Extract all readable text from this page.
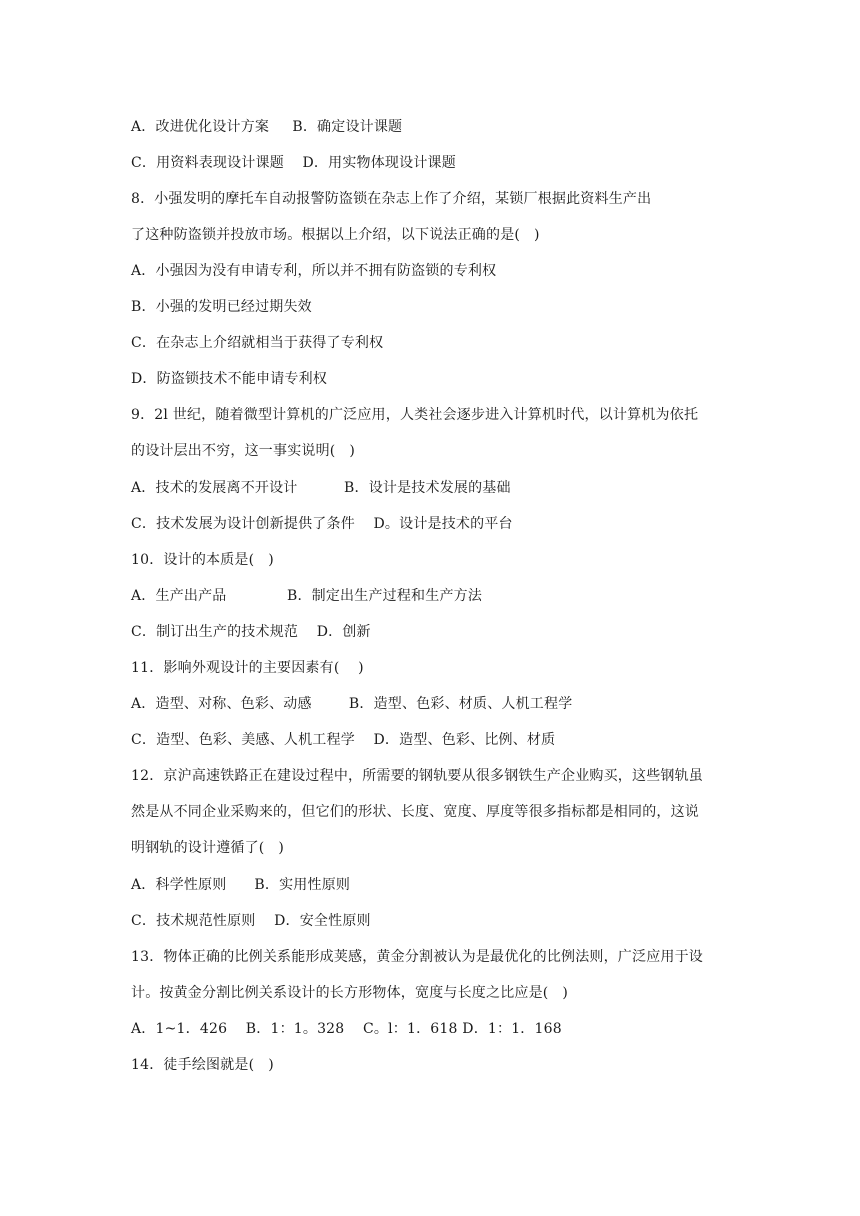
A．改进优化设计方案     B．确定设计课题
C．用资料表现设计课题    D．用实物体现设计课题
8．小强发明的摩托车自动报警防盗锁在杂志上作了介绍，某锁厂根据此资料生产出
了这种防盗锁并投放市场。根据以上介绍，以下说法正确的是(   )
A．小强因为没有申请专利，所以并不拥有防盗锁的专利权
B．小强的发明已经过期失效
C．在杂志上介绍就相当于获得了专利权
D．防盗锁技术不能申请专利权
9．2l 世纪，随着微型计算机的广泛应用，人类社会逐步进入计算机时代，以计算机为依托
的设计层出不穷，这一事实说明(   )
A．技术的发展离不开设计          B．设计是技术发展的基础
C．技术发展为设计创新提供了条件    D。设计是技术的平台
10．设计的本质是(   )
A．生产出产品             B．制定出生产过程和生产方法
C．制订出生产的技术规范    D．创新
11．影响外观设计的主要因素有(    )
A．造型、对称、色彩、动感        B．造型、色彩、材质、人机工程学
C．造型、色彩、美感、人机工程学    D．造型、色彩、比例、材质
12．京沪高速铁路正在建设过程中，所需要的钢轨要从很多钢铁生产企业购买，这些钢轨虽
然是从不同企业采购来的，但它们的形状、长度、宽度、厚度等很多指标都是相同的，这说
明钢轨的设计遵循了(   )
A．科学性原则      B．实用性原则
C．技术规范性原则    D．安全性原则
13．物体正确的比例关系能形成荚感，黄金分割被认为是最优化的比例法则，广泛应用于设
计。按黄金分割比例关系设计的长方形物体，宽度与长度之比应是(   )
A．1~1．426    B．1：1。328    C。l：1．618 D．1：1．168
14．徒手绘图就是(   )
